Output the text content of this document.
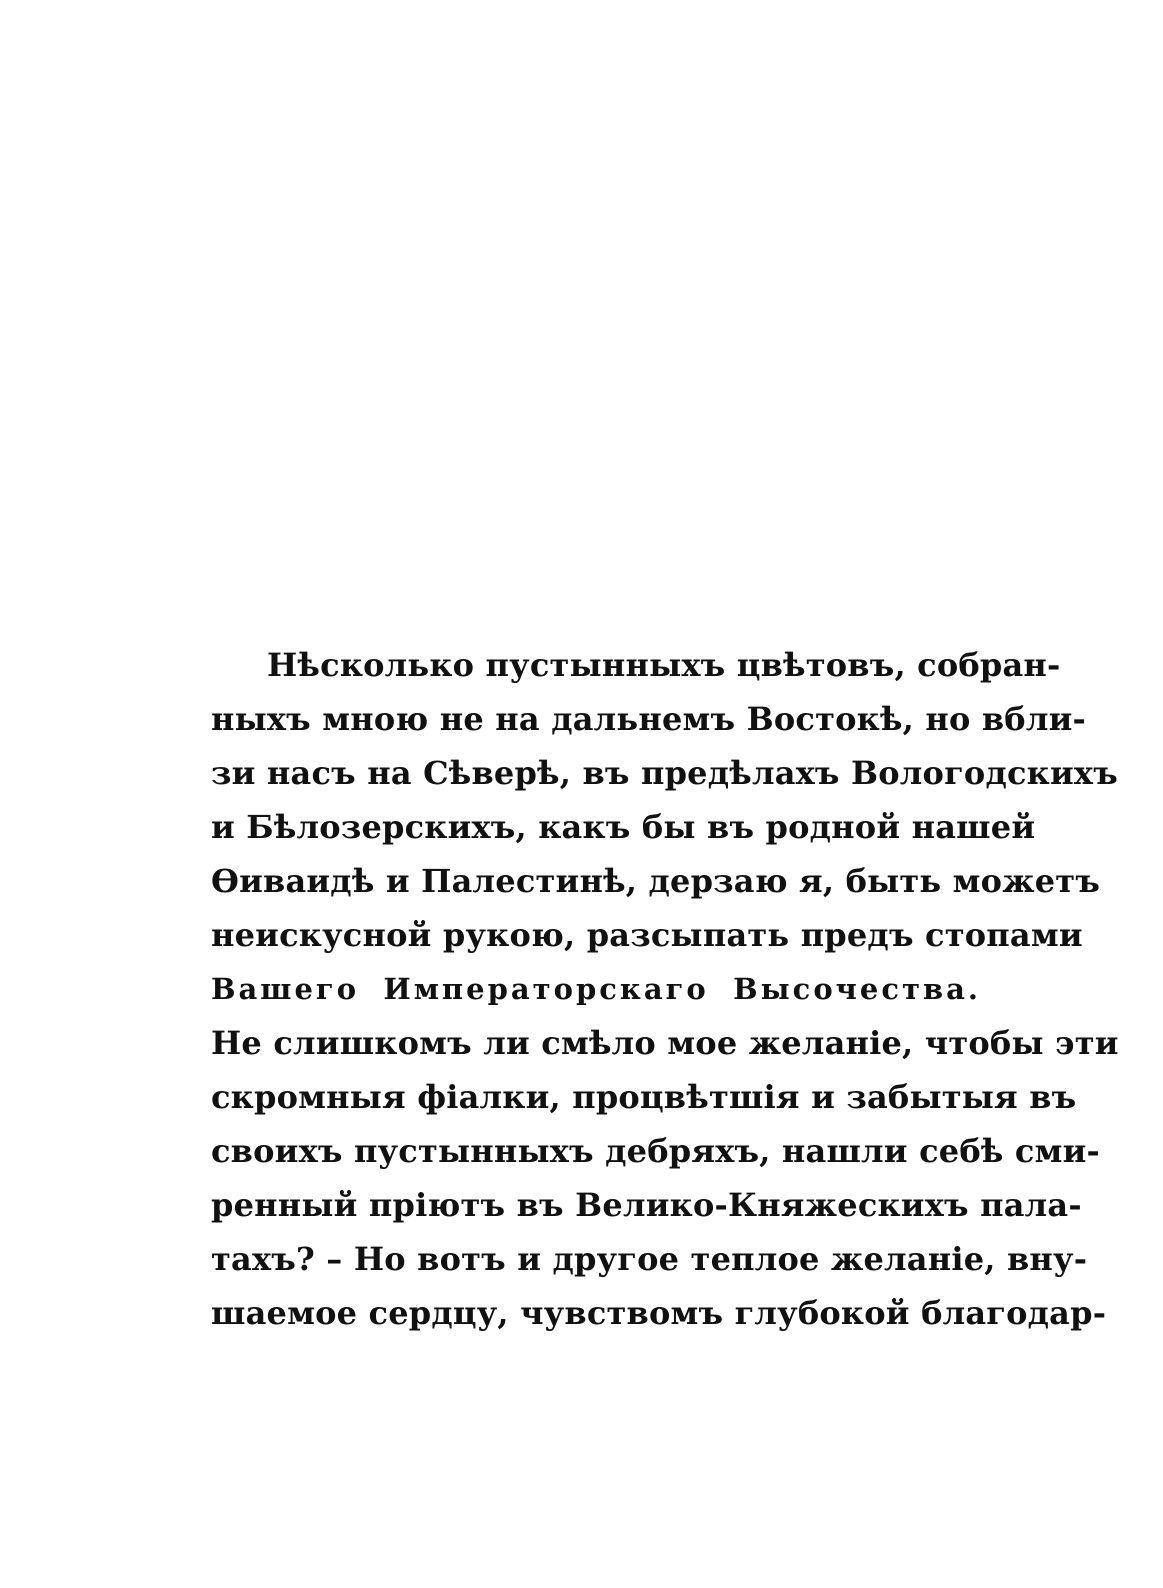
Нѣсколько пустынныхъ цвѣтовъ, собран-
ныхъ мною не на дальнемъ Востокѣ, но вбли-
зи насъ на Сѣверѣ, въ предѣлахъ Вологодскихъ
и Бѣлозерскихъ, какъ бы въ родной нашей
Ѳиваидѣ и Палестинѣ, дерзаю я, быть можетъ
неискусной рукою, разсыпать предъ стопами
Вашего Императорскаго Высочества.
Не слишкомъ ли смѣло мое желаніе, чтобы эти
скромныя фіалки, процвѣтшія и забытыя въ
своихъ пустынныхъ дебряхъ, нашли себѣ сми-
ренный пріютъ въ Велико-Княжескихъ пала-
тахъ? – Но вотъ и другое теплое желаніе, вну-
шаемое сердцу, чувствомъ глубокой благодар-
